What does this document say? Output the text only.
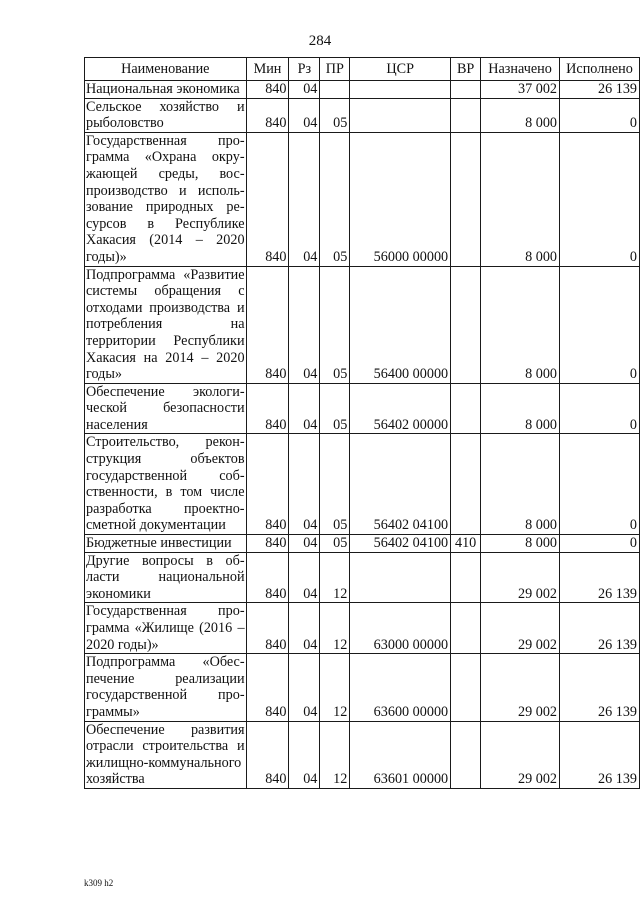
284
Наименование	Мин	Рз	ПР	ЦСР	ВР	Назначено	Исполнено
Национальная экономика	840	04				37 002	26 139
Сельское хозяйство и рыболовство	840	04	05			8 000	0
Государственная программа «Охрана окружающей среды, воспроизводство и использование природных ресурсов в Республике Хакасия (2014 – 2020 годы)»	840	04	05	56000 00000		8 000	0
Подпрограмма «Развитие системы обращения с отходами производства и потребления на территории Республики Хакасия на 2014 – 2020 годы»	840	04	05	56400 00000		8 000	0
Обеспечение экологической безопасности населения	840	04	05	56402 00000		8 000	0
Строительство, реконструкция объектов государственной собственности, в том числе разработка проектно-сметной документации	840	04	05	56402 04100		8 000	0
Бюджетные инвестиции	840	04	05	56402 04100	410	8 000	0
Другие вопросы в области национальной экономики	840	04	12			29 002	26 139
Государственная программа «Жилище (2016 – 2020 годы)»	840	04	12	63000 00000		29 002	26 139
Подпрограмма «Обеспечение реализации государственной программы»	840	04	12	63600 00000		29 002	26 139
Обеспечение развития отрасли строительства и жилищно-коммунального хозяйства	840	04	12	63601 00000		29 002	26 139
k309 h2
